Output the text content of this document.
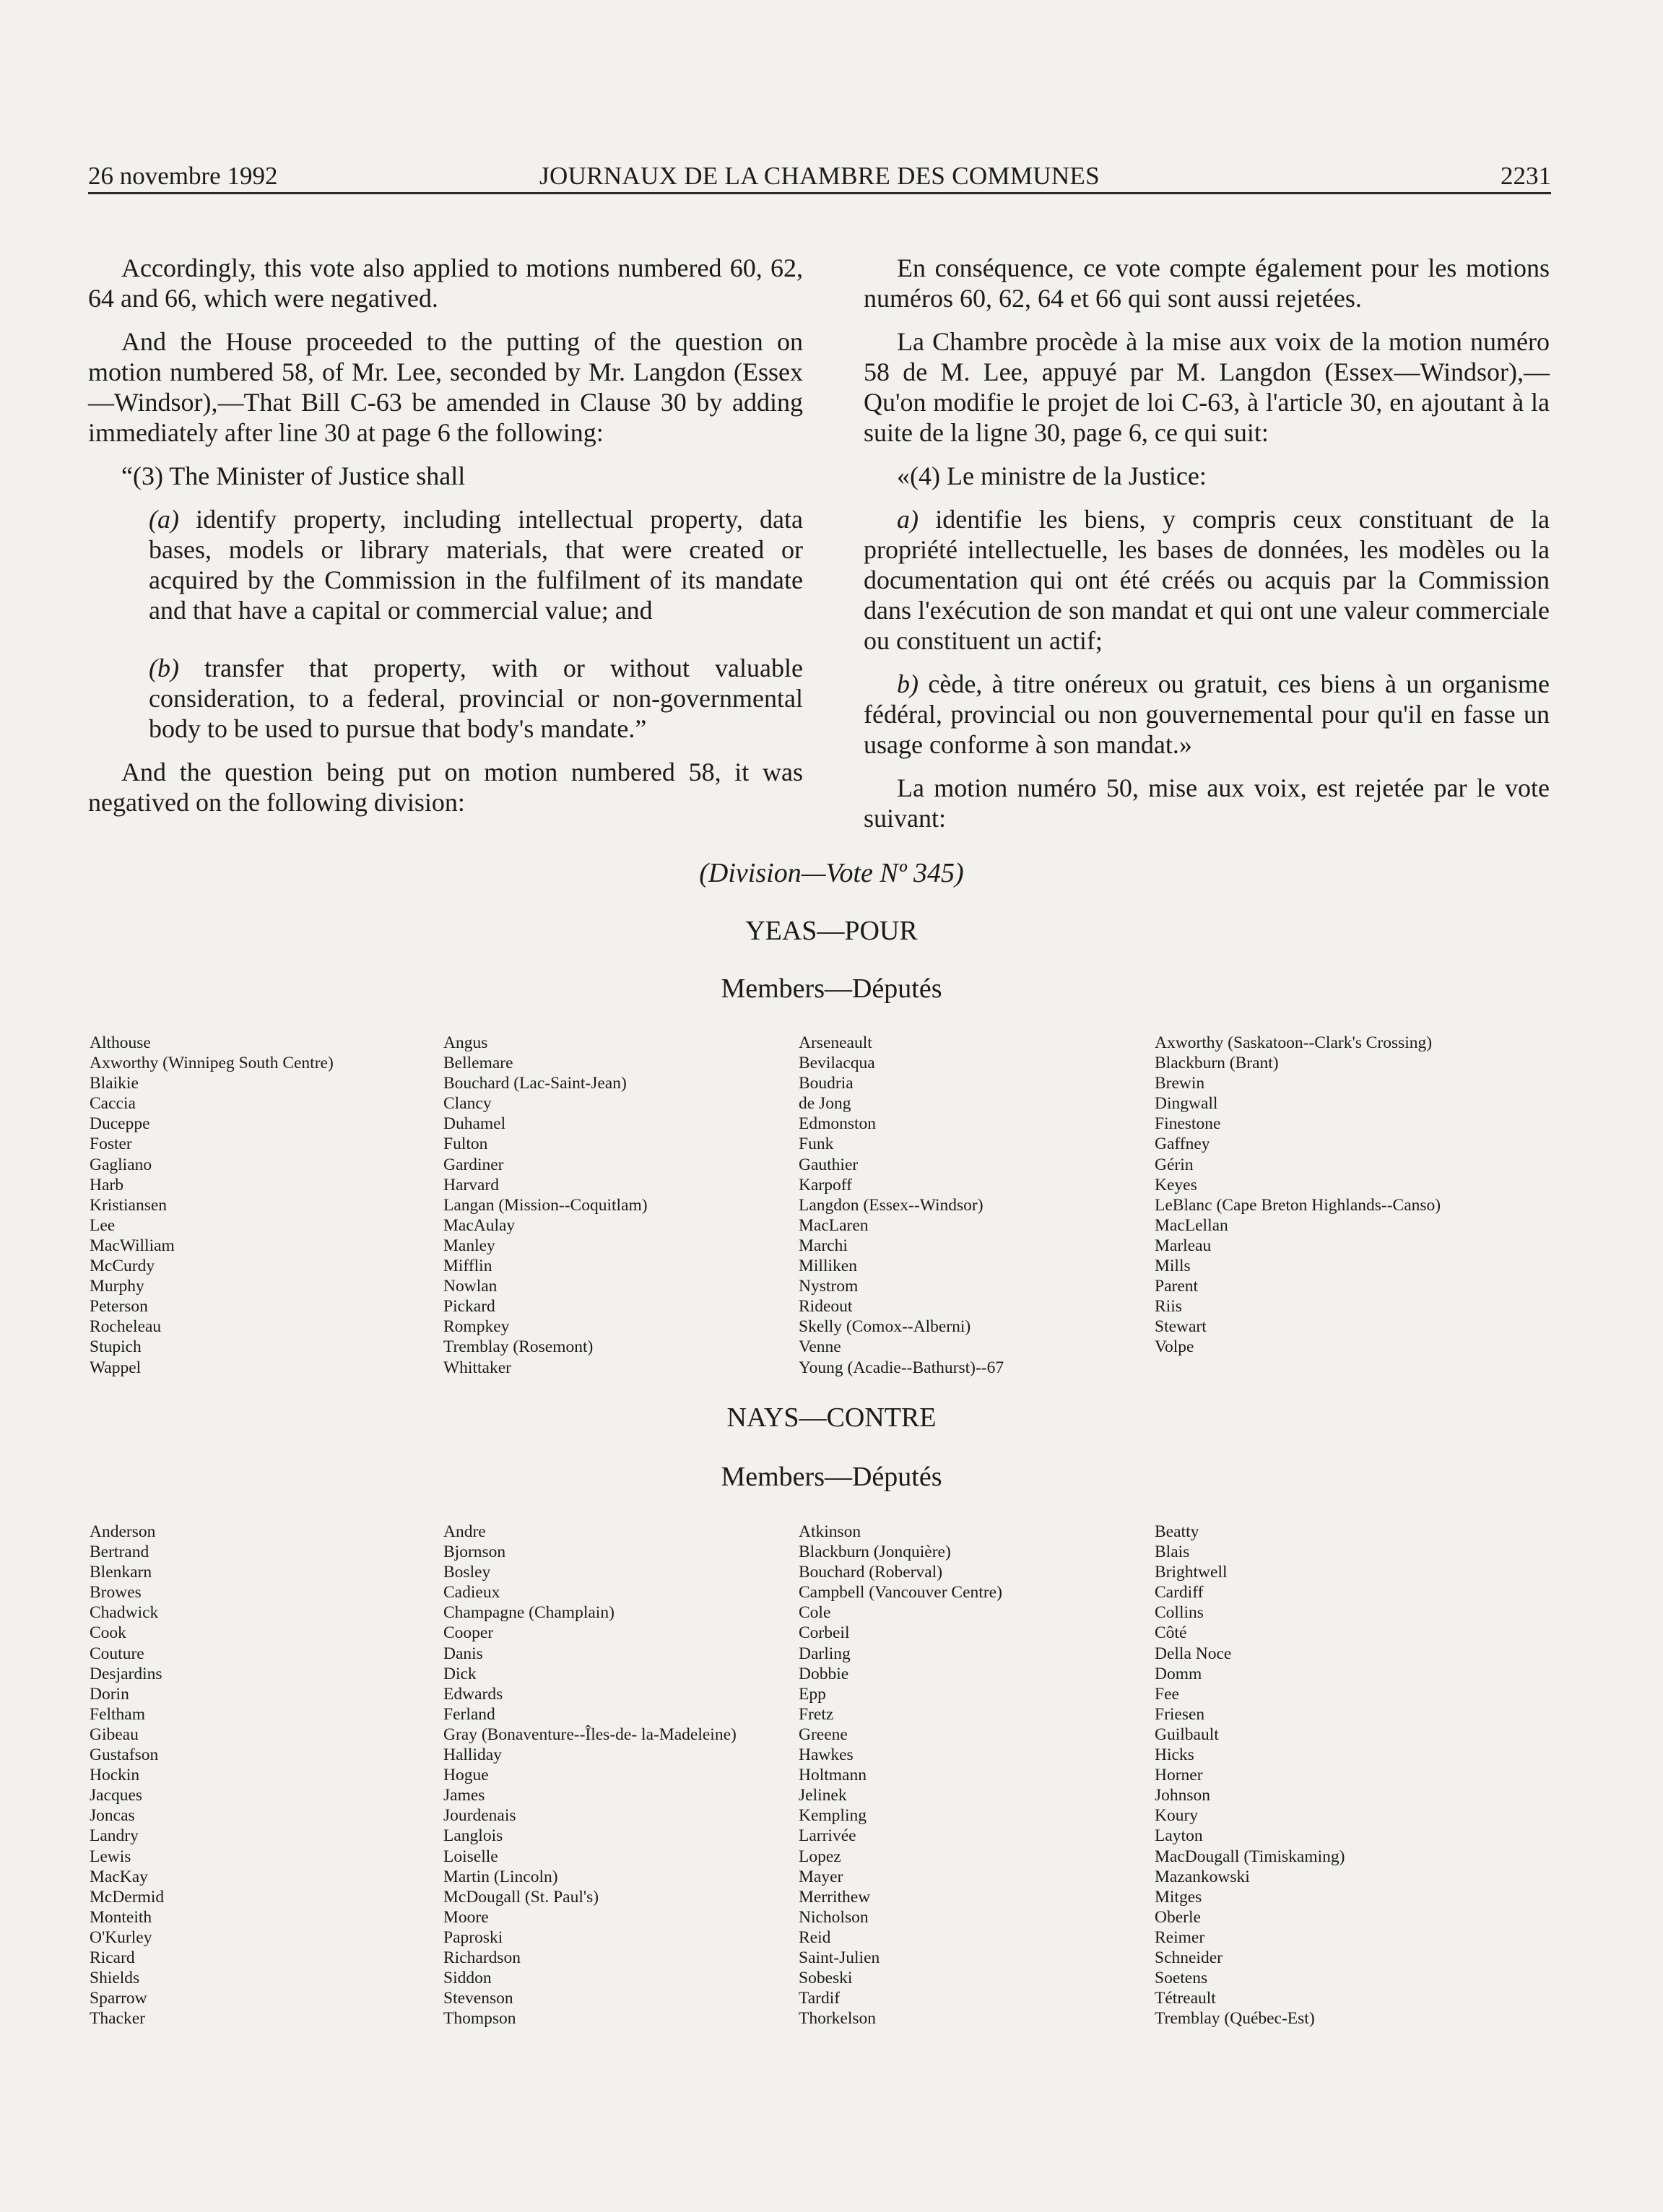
26 novembre 1992	JOURNAUX DE LA CHAMBRE DES COMMUNES	2231

Accordingly, this vote also applied to motions numbered 60, 62, 64 and 66, which were negatived.

And the House proceeded to the putting of the question on motion numbered 58, of Mr. Lee, seconded by Mr. Langdon (Essex—Windsor),—That Bill C-63 be amended in Clause 30 by adding immediately after line 30 at page 6 the following:

“(3) The Minister of Justice shall

(a) identify property, including intellectual property, data bases, models or library materials, that were created or acquired by the Commission in the fulfilment of its mandate and that have a capital or commercial value; and

(b) transfer that property, with or without valuable consideration, to a federal, provincial or non-governmental body to be used to pursue that body's mandate.”

And the question being put on motion numbered 58, it was negatived on the following division:

En conséquence, ce vote compte également pour les motions numéros 60, 62, 64 et 66 qui sont aussi rejetées.

La Chambre procède à la mise aux voix de la motion numéro 58 de M. Lee, appuyé par M. Langdon (Essex—Windsor),—Qu'on modifie le projet de loi C-63, à l'article 30, en ajoutant à la suite de la ligne 30, page 6, ce qui suit:

«(4) Le ministre de la Justice:

a) identifie les biens, y compris ceux constituant de la propriété intellectuelle, les bases de données, les modèles ou la documentation qui ont été créés ou acquis par la Commission dans l'exécution de son mandat et qui ont une valeur commerciale ou constituent un actif;

b) cède, à titre onéreux ou gratuit, ces biens à un organisme fédéral, provincial ou non gouvernemental pour qu'il en fasse un usage conforme à son mandat.»

La motion numéro 50, mise aux voix, est rejetée par le vote suivant:

(Division—Vote Nº 345)
YEAS—POUR
Members—Députés
Althouse
Axworthy (Winnipeg South Centre)
Blaikie
Caccia
Duceppe
Foster
Gagliano
Harb
Kristiansen
Lee
MacWilliam
McCurdy
Murphy
Peterson
Rocheleau
Stupich
Wappel
Angus
Bellemare
Bouchard (Lac-Saint-Jean)
Clancy
Duhamel
Fulton
Gardiner
Harvard
Langan (Mission--Coquitlam)
MacAulay
Manley
Mifflin
Nowlan
Pickard
Rompkey
Tremblay (Rosemont)
Whittaker
Arseneault
Bevilacqua
Boudria
de Jong
Edmonston
Funk
Gauthier
Karpoff
Langdon (Essex--Windsor)
MacLaren
Marchi
Milliken
Nystrom
Rideout
Skelly (Comox--Alberni)
Venne
Young (Acadie--Bathurst)--67
Axworthy (Saskatoon--Clark's Crossing)
Blackburn (Brant)
Brewin
Dingwall
Finestone
Gaffney
Gérin
Keyes
LeBlanc (Cape Breton Highlands--Canso)
MacLellan
Marleau
Mills
Parent
Riis
Stewart
Volpe
NAYS—CONTRE
Members—Députés
Anderson
Bertrand
Blenkarn
Browes
Chadwick
Cook
Couture
Desjardins
Dorin
Feltham
Gibeau
Gustafson
Hockin
Jacques
Joncas
Landry
Lewis
MacKay
McDermid
Monteith
O'Kurley
Ricard
Shields
Sparrow
Thacker
Andre
Bjornson
Bosley
Cadieux
Champagne (Champlain)
Cooper
Danis
Dick
Edwards
Ferland
Gray (Bonaventure--Îles-de- la-Madeleine)
Halliday
Hogue
James
Jourdenais
Langlois
Loiselle
Martin (Lincoln)
McDougall (St. Paul's)
Moore
Paproski
Richardson
Siddon
Stevenson
Thompson
Atkinson
Blackburn (Jonquière)
Bouchard (Roberval)
Campbell (Vancouver Centre)
Cole
Corbeil
Darling
Dobbie
Epp
Fretz
Greene
Hawkes
Holtmann
Jelinek
Kempling
Larrivée
Lopez
Mayer
Merrithew
Nicholson
Reid
Saint-Julien
Sobeski
Tardif
Thorkelson
Beatty
Blais
Brightwell
Cardiff
Collins
Côté
Della Noce
Domm
Fee
Friesen
Guilbault
Hicks
Horner
Johnson
Koury
Layton
MacDougall (Timiskaming)
Mazankowski
Mitges
Oberle
Reimer
Schneider
Soetens
Tétreault
Tremblay (Québec-Est)
